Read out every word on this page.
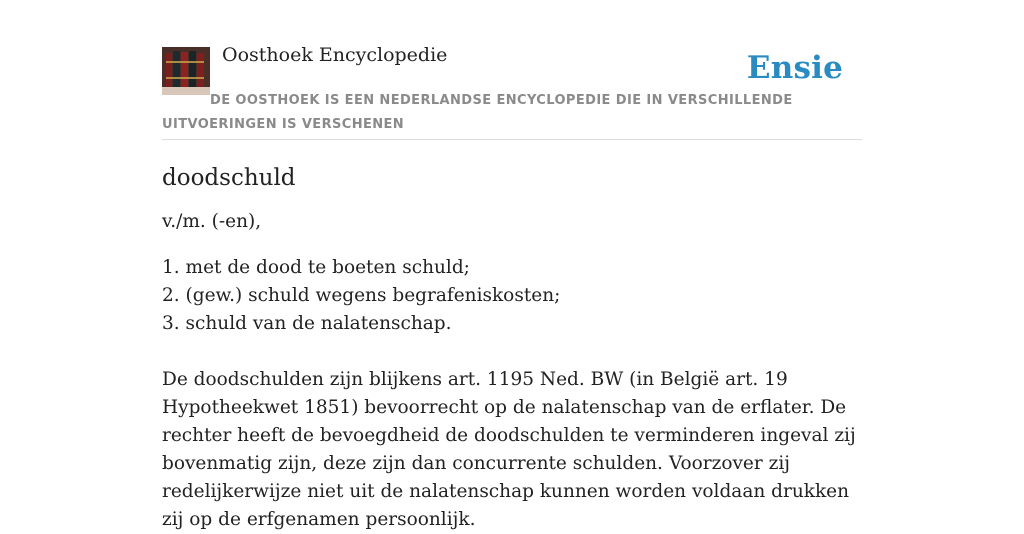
Oosthoek Encyclopedie	Ensie
DE OOSTHOEK IS EEN NEDERLANDSE ENCYCLOPEDIE DIE IN VERSCHILLENDE UITVOERINGEN IS VERSCHENEN
doodschuld

v./m. (-en),

1. met de dood te boeten schuld;
2. (gew.) schuld wegens begrafeniskosten;
3. schuld van de nalatenschap.

De doodschulden zijn blijkens art. 1195 Ned. BW (in België art. 19 Hypotheekwet 1851) bevoorrecht op de nalatenschap van de erflater. De rechter heeft de bevoegdheid de doodschulden te verminderen ingeval zij bovenmatig zijn, deze zijn dan concurrente schulden. Voorzover zij redelijkerwijze niet uit de nalatenschap kunnen worden voldaan drukken zij op de erfgenamen persoonlijk.
